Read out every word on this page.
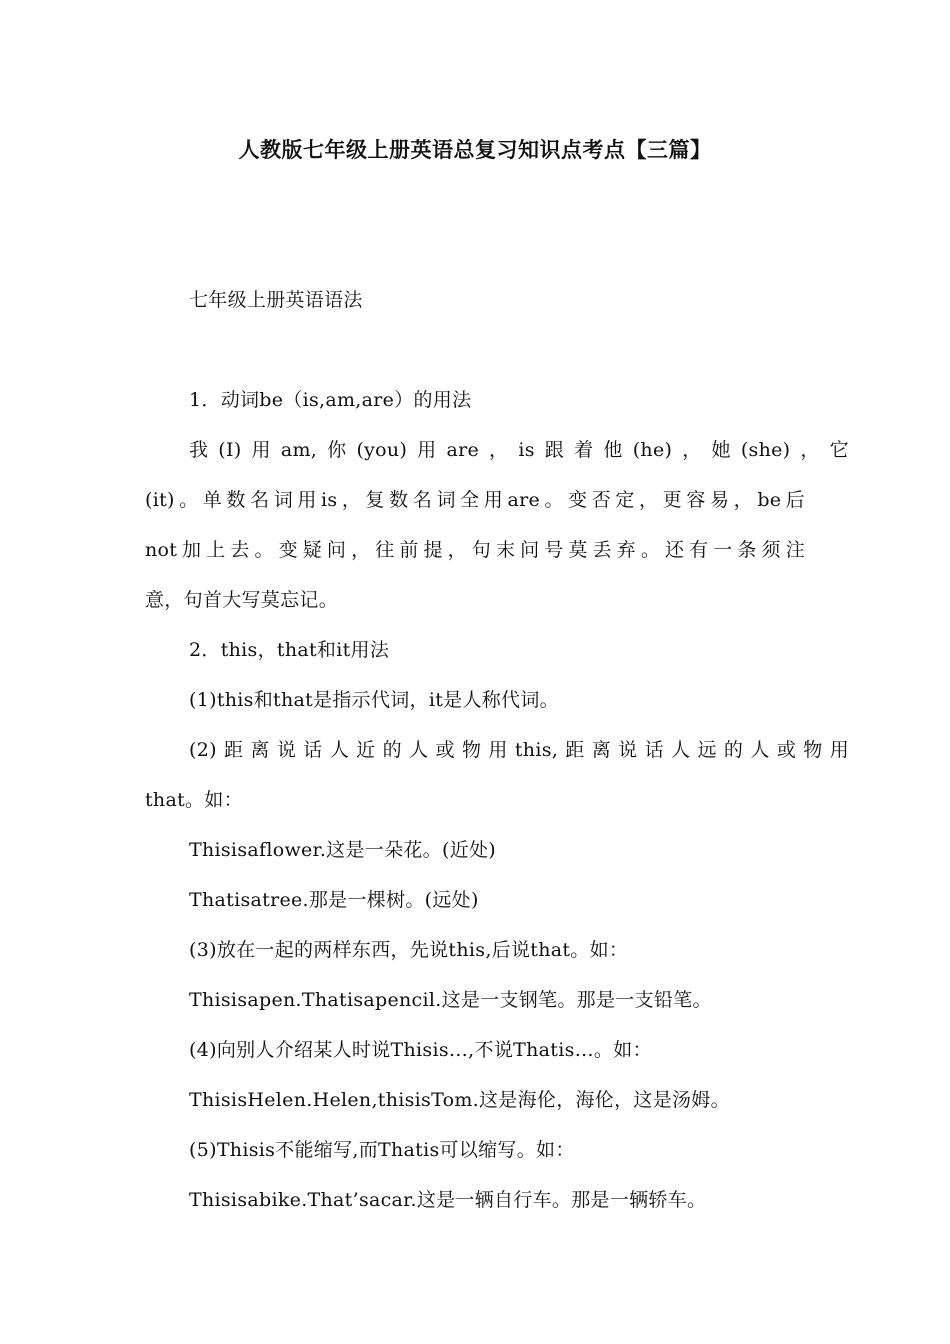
人教版七年级上册英语总复习知识点考点【三篇】
七年级上册英语语法
1．动词be（is,am,are）的用法
我(I)用am,你(you)用are，is跟着他(he)，她(she)，它
(it)。单数名词用is，复数名词全用are。变否定，更容易，be后
not加上去。变疑问，往前提，句末问号莫丢弃。还有一条须注
意，句首大写莫忘记。
2．this，that和it用法
(1)this和that是指示代词，it是人称代词。
(2)距离说话人近的人或物用this,距离说话人远的人或物用
that。如：
Thisisaflower.这是一朵花。(近处)
Thatisatree.那是一棵树。(远处)
(3)放在一起的两样东西，先说this,后说that。如：
Thisisapen.Thatisapencil.这是一支钢笔。那是一支铅笔。
(4)向别人介绍某人时说Thisis…,不说Thatis…。如：
ThisisHelen.Helen,thisisTom.这是海伦，海伦，这是汤姆。
(5)Thisis不能缩写,而Thatis可以缩写。如：
Thisisabike.That’sacar.这是一辆自行车。那是一辆轿车。
